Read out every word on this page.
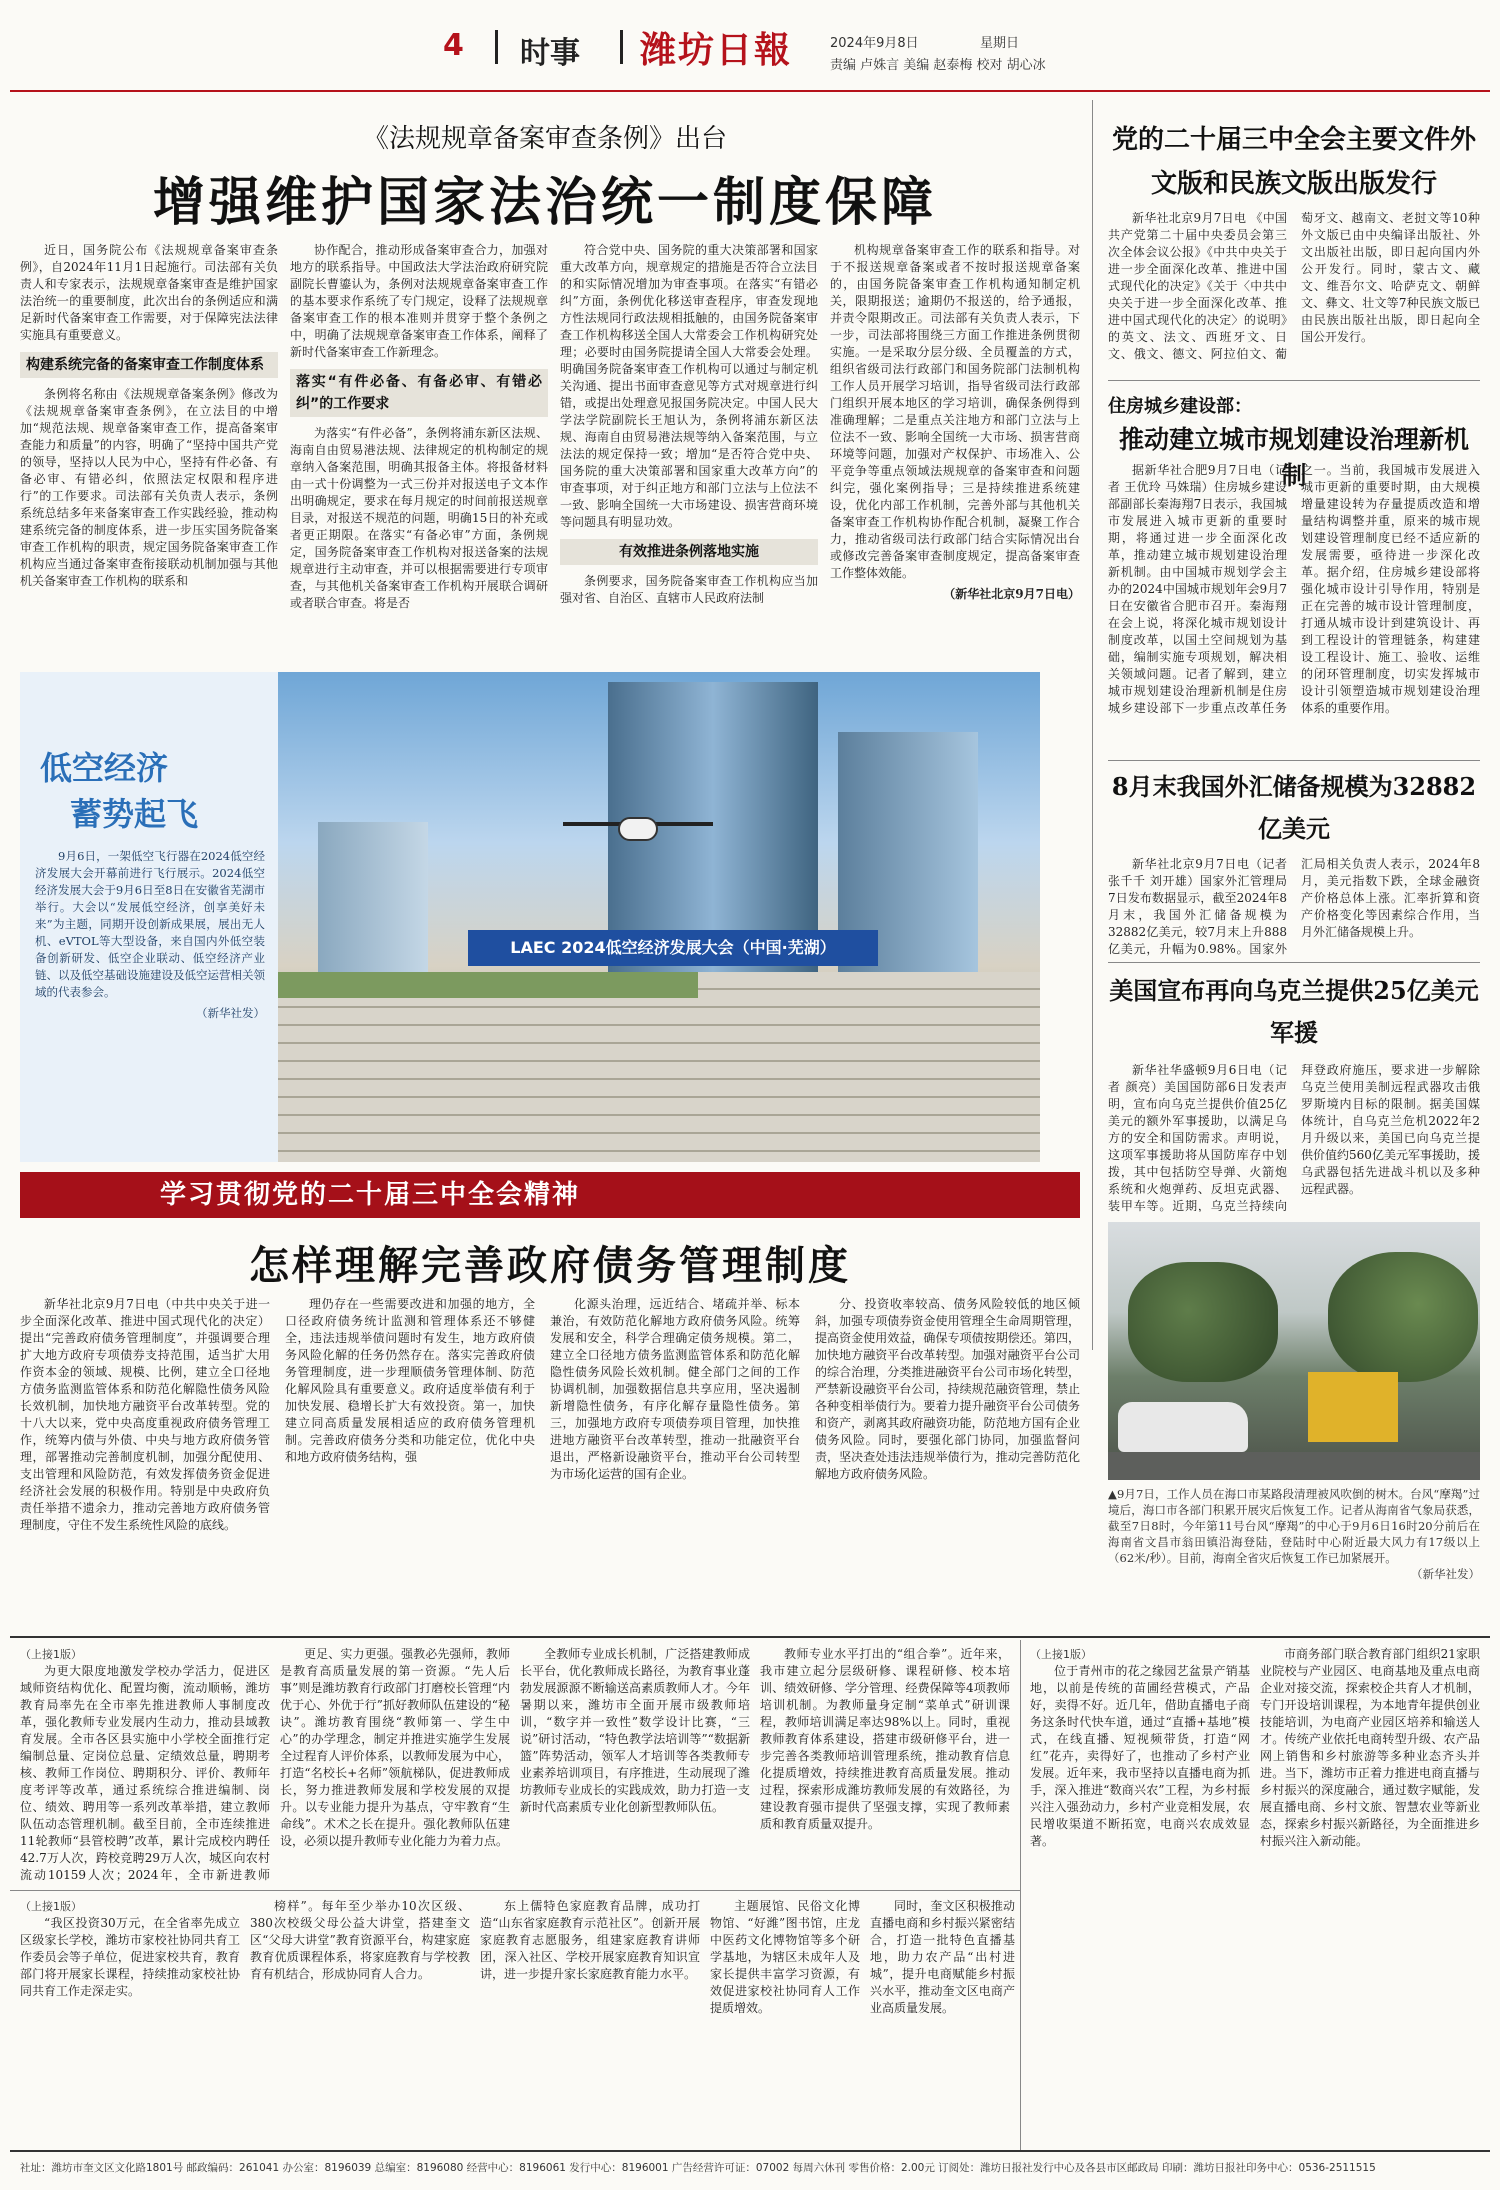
4 时事 潍坊日報	2024年9月8日	星期日
责编 卢姝言 美编 赵泰梅 校对 胡心冰
《法规规章备案审查条例》出台
增强维护国家法治统一制度保障

近日，国务院公布《法规规章备案审查条例》，自2024年11月1日起施行。司法部有关负责人和专家表示，法规规章备案审查是维护国家法治统一的重要制度，此次出台的条例适应和满足新时代备案审查工作需要，对于保障宪法法律实施具有重要意义。

构建系统完备的备案审查工作制度体系

条例将名称由《法规规章备案条例》修改为《法规规章备案审查条例》，在立法目的中增加“规范法规、规章备案审查工作，提高备案审查能力和质量”的内容，明确了“坚持中国共产党的领导，坚持以人民为中心，坚持有件必备、有备必审、有错必纠，依照法定权限和程序进行”的工作要求。司法部有关负责人表示，条例系统总结多年来备案审查工作实践经验，推动构建系统完备的制度体系，进一步压实国务院备案审查工作机构的职责，规定国务院备案审查工作机构应当通过备案审查衔接联动机制加强与其他机关备案审查工作机构的联系和

协作配合，推动形成备案审查合力，加强对地方的联系指导。中国政法大学法治政府研究院副院长曹鎏认为，条例对法规规章备案审查工作的基本要求作系统了专门规定，设释了法规规章备案审查工作的根本准则并贯穿于整个条例之中，明确了法规规章备案审查工作体系，阐释了新时代备案审查工作新理念。

落实“有件必备、有备必审、有错必纠”的工作要求

为落实“有件必备”，条例将浦东新区法规、海南自由贸易港法规、法律规定的机构制定的规章纳入备案范围，明确其报备主体。将报备材料由一式十份调整为一式三份并对报送电子文本作出明确规定，要求在每月规定的时间前报送规章目录，对报送不规范的问题，明确15日的补充或者更正期限。在落实“有备必审”方面，条例规定，国务院备案审查工作机构对报送备案的法规规章进行主动审查，并可以根据需要进行专项审查，与其他机关备案审查工作机构开展联合调研或者联合审查。将是否

符合党中央、国务院的重大决策部署和国家重大改革方向，规章规定的措施是否符合立法目的和实际情况增加为审查事项。在落实“有错必纠”方面，条例优化移送审查程序，审查发现地方性法规同行政法规相抵触的，由国务院备案审查工作机构移送全国人大常委会工作机构研究处理；必要时由国务院提请全国人大常委会处理。明确国务院备案审查工作机构可以通过与制定机关沟通、提出书面审查意见等方式对规章进行纠错，或提出处理意见报国务院决定。中国人民大学法学院副院长王旭认为，条例将浦东新区法规、海南自由贸易港法规等纳入备案范围，与立法法的规定保持一致；增加“是否符合党中央、国务院的重大决策部署和国家重大改革方向”的审查事项，对于纠正地方和部门立法与上位法不一致、影响全国统一大市场建设、损害营商环境等问题具有明显功效。

有效推进条例落地实施

条例要求，国务院备案审查工作机构应当加强对省、自治区、直辖市人民政府法制

机构规章备案审查工作的联系和指导。对于不报送规章备案或者不按时报送规章备案的，由国务院备案审查工作机构通知制定机关，限期报送；逾期仍不报送的，给予通报，并责令限期改正。司法部有关负责人表示，下一步，司法部将围绕三方面工作推进条例贯彻实施。一是采取分层分级、全员覆盖的方式，组织省级司法行政部门和国务院部门法制机构工作人员开展学习培训，指导省级司法行政部门组织开展本地区的学习培训，确保条例得到准确理解；二是重点关注地方和部门立法与上位法不一致、影响全国统一大市场、损害营商环境等问题，加强对产权保护、市场准入、公平竞争等重点领域法规规章的备案审查和问题纠完，强化案例指导；三是持续推进系统建设，优化内部工作机制，完善外部与其他机关备案审查工作机构协作配合机制，凝聚工作合力，推动省级司法行政部门结合实际情况出台或修改完善备案审查制度规定，提高备案审查工作整体效能。

（新华社北京9月7日电）

低空经济
蓄势起飞

9月6日，一架低空飞行器在2024低空经济发展大会开幕前进行飞行展示。2024低空经济发展大会于9月6日至8日在安徽省芜湖市举行。大会以“发展低空经济，创享美好未来”为主题，同期开设创新成果展，展出无人机、eVTOL等大型设备，来自国内外低空装备创新研发、低空企业联动、低空经济产业链、以及低空基础设施建设及低空运营相关领域的代表参会。

（新华社发）

LAEC 2024低空经济发展大会（中国·芜湖）
学习贯彻党的二十届三中全会精神
怎样理解完善政府债务管理制度

新华社北京9月7日电（中共中央关于进一步全面深化改革、推进中国式现代化的决定）提出“完善政府债务管理制度”，并强调要合理扩大地方政府专项债券支持范围，适当扩大用作资本金的领域、规模、比例，建立全口径地方债务监测监管体系和防范化解隐性债务风险长效机制，加快地方融资平台改革转型。党的十八大以来，党中央高度重视政府债务管理工作，统筹内债与外债、中央与地方政府债务管理，部署推动完善制度机制，加强分配使用、支出管理和风险防范，有效发挥债务资金促进经济社会发展的积极作用。特别是中央政府负责任举措不遗余力，推动完善地方政府债务管理制度，守住不发生系统性风险的底线。

理仍存在一些需要改进和加强的地方，全口径政府债务统计监测和管理体系还不够健全，违法违规举债问题时有发生，地方政府债务风险化解的任务仍然存在。落实完善政府债务管理制度，进一步理顺债务管理体制、防范化解风险具有重要意义。政府适度举债有利于加快发展、稳增长扩大有效投资。第一，加快建立同高质量发展相适应的政府债务管理机制。完善政府债务分类和功能定位，优化中央和地方政府债务结构，强

化源头治理，远近结合、堵疏并举、标本兼治，有效防范化解地方政府债务风险。统筹发展和安全，科学合理确定债务规模。第二，建立全口径地方债务监测监管体系和防范化解隐性债务风险长效机制。健全部门之间的工作协调机制，加强数据信息共享应用，坚决遏制新增隐性债务，有序化解存量隐性债务。第三，加强地方政府专项债券项目管理，加快推进地方融资平台改革转型，推动一批融资平台退出，严格新设融资平台，推动平台公司转型为市场化运营的国有企业。

分、投资收率较高、债务风险较低的地区倾斜，加强专项债券资金使用管理全生命周期管理，提高资金使用效益，确保专项债按期偿还。第四，加快地方融资平台改革转型。加强对融资平台公司的综合治理，分类推进融资平台公司市场化转型，严禁新设融资平台公司，持续规范融资管理，禁止各种变相举债行为。要着力提升融资平台公司债务和资产，剥离其政府融资功能，防范地方国有企业债务风险。同时，要强化部门协同，加强监督问责，坚决查处违法违规举债行为，推动完善防范化解地方政府债务风险。

党的二十届三中全会主要文件外文版和民族文版出版发行

新华社北京9月7日电 《中国共产党第二十届中央委员会第三次全体会议公报》《中共中央关于进一步全面深化改革、推进中国式现代化的决定》《关于〈中共中央关于进一步全面深化改革、推进中国式现代化的决定〉的说明》的英文、法文、西班牙文、日文、俄文、德文、阿拉伯文、葡萄牙文、越南文、老挝文等10种外文版已由中央编译出版社、外文出版社出版，即日起向国内外公开发行。同时，蒙古文、藏文、维吾尔文、哈萨克文、朝鲜文、彝文、壮文等7种民族文版已由民族出版社出版，即日起向全国公开发行。

住房城乡建设部：
推动建立城市规划建设治理新机制

据新华社合肥9月7日电（记者 王优玲 马姝瑞）住房城乡建设部副部长秦海翔7日表示，我国城市发展进入城市更新的重要时期，将通过进一步全面深化改革，推动建立城市规划建设治理新机制。由中国城市规划学会主办的2024中国城市规划年会9月7日在安徽省合肥市召开。秦海翔在会上说，将深化城市规划设计制度改革，以国土空间规划为基础，编制实施专项规划，解决相关领域问题。记者了解到，建立城市规划建设治理新机制是住房城乡建设部下一步重点改革任务之一。当前，我国城市发展进入城市更新的重要时期，由大规模增量建设转为存量提质改造和增量结构调整并重，原来的城市规划建设管理制度已经不适应新的发展需要，亟待进一步深化改革。据介绍，住房城乡建设部将强化城市设计引导作用，特别是正在完善的城市设计管理制度，打通从城市设计到建筑设计、再到工程设计的管理链条，构建建设工程设计、施工、验收、运维的闭环管理制度，切实发挥城市设计引领塑造城市规划建设治理体系的重要作用。

8月末我国外汇储备规模为32882亿美元

新华社北京9月7日电（记者 张千千 刘开雄）国家外汇管理局7日发布数据显示，截至2024年8月末，我国外汇储备规模为32882亿美元，较7月末上升888亿美元，升幅为0.98%。国家外汇局相关负责人表示，2024年8月，美元指数下跌，全球金融资产价格总体上涨。汇率折算和资产价格变化等因素综合作用，当月外汇储备规模上升。

美国宣布再向乌克兰提供25亿美元军援

新华社华盛顿9月6日电（记者 颜亮）美国国防部6日发表声明，宣布向乌克兰提供价值25亿美元的额外军事援助，以满足乌方的安全和国防需求。声明说，这项军事援助将从国防库存中划拨，其中包括防空导弹、火箭炮系统和火炮弹药、反坦克武器、装甲车等。近期，乌克兰持续向拜登政府施压，要求进一步解除乌克兰使用美制远程武器攻击俄罗斯境内目标的限制。据美国媒体统计，自乌克兰危机2022年2月升级以来，美国已向乌克兰提供价值约560亿美元军事援助，援乌武器包括先进战斗机以及多种远程武器。

▲9月7日，工作人员在海口市某路段清理被风吹倒的树木。台风“摩羯”过境后，海口市各部门积累开展灾后恢复工作。记者从海南省气象局获悉，截至7日8时，今年第11号台风“摩羯”的中心于9月6日16时20分前后在海南省文昌市翁田镇沿海登陆，登陆时中心附近最大风力有17级以上（62米/秒）。目前，海南全省灾后恢复工作已加紧展开。

（新华社发）

（上接1版）

为更大限度地激发学校办学活力，促进区域师资结构优化、配置均衡，流动顺畅，潍坊教育局率先在全市率先推进教师人事制度改革，强化教师专业发展内生动力，推动县域教育发展。全市各区县实施中小学校全面推行定编制总量、定岗位总量、定绩效总量，聘期考核、教师工作岗位、聘期积分、评价、教师年度考评等改革，通过系统综合推进编制、岗位、绩效、聘用等一系列改革举措，建立教师队伍动态管理机制。截至目前，全市连续推进11轮教师“县管校聘”改革，累计完成校内聘任42.7万人次，跨校竞聘29万人次，城区向农村流动10159人次；2024年，全市新进教师

更足、实力更强。强教必先强师，教师是教育高质量发展的第一资源。“先人后事”则是潍坊教育行政部门打磨校长管理“内优于心、外优于行”抓好教师队伍建设的“秘诀”。潍坊教育围绕“教师第一、学生中心”的办学理念，制定并推进实施学生发展全过程育人评价体系，以教师发展为中心，打造“名校长+名师”领航梯队，促进教师成长，努力推进教师发展和学校发展的双提升。以专业能力提升为基点，守牢教育“生命线”。术术之长在提升。强化教师队伍建设，必须以提升教师专业化能力为着力点。

全教师专业成长机制，广泛搭建教师成长平台，优化教师成长路径，为教育事业蓬勃发展源源不断输送高素质教师人才。今年暑期以来，潍坊市全面开展市级教师培训，“数字并一致性”数学设计比赛，“三说”研讨活动，“特色教学法培训等”“数据新篮”阵势活动，领军人才培训等各类教师专业素养培训项目，有序推进，生动展现了潍坊教师专业成长的实践成效，助力打造一支新时代高素质专业化创新型教师队伍。

教师专业水平打出的“组合拳”。近年来，我市建立起分层级研修、课程研修、校本培训、绩效研修、学分管理、经费保障等4项教师培训机制。为教师量身定制“菜单式”研训课程，教师培训满足率达98%以上。同时，重视教师教育体系建设，搭建市级研修平台，进一步完善各类教师培训管理系统，推动教育信息化提质增效，持续推进教育高质量发展。推动过程，探索形成潍坊教师发展的有效路径，为建设教育强市提供了坚强支撑，实现了教师素质和教育质量双提升。

（上接1版）

位于青州市的花之缘园艺盆景产销基地，以前是传统的苗圃经营模式，产品好，卖得不好。近几年，借助直播电子商务这条时代快车道，通过“直播+基地”模式，在线直播、短视频带货，打造“网红”花卉，卖得好了，也推动了乡村产业发展。近年来，我市坚持以直播电商为抓手，深入推进“数商兴农”工程，为乡村振兴注入强劲动力，乡村产业竞相发展，农民增收渠道不断拓宽，电商兴农成效显著。

市商务部门联合教育部门组织21家职业院校与产业园区、电商基地及重点电商企业对接交流，探索校企共育人才机制，专门开设培训课程，为本地青年提供创业技能培训，为电商产业园区培养和输送人才。传统产业依托电商转型升级、农产品网上销售和乡村旅游等多种业态齐头并进。当下，潍坊市正着力推进电商直播与乡村振兴的深度融合，通过数字赋能，发展直播电商、乡村文旅、智慧农业等新业态，探索乡村振兴新路径，为全面推进乡村振兴注入新动能。

（上接1版）

“我区投资30万元，在全省率先成立区级家长学校，潍坊市家校社协同共育工作委员会等子单位，促进家校共育，教育部门将开展家长课程，持续推动家校社协同共育工作走深走实。

榜样”。每年至少举办10次区级、380次校级父母公益大讲堂，搭建奎文区“父母大讲堂”教育资源平台，构建家庭教育优质课程体系，将家庭教育与学校教育有机结合，形成协同育人合力。

东上儒特色家庭教育品牌，成功打造“山东省家庭教育示范社区”。创新开展家庭教育志愿服务，组建家庭教育讲师团，深入社区、学校开展家庭教育知识宣讲，进一步提升家长家庭教育能力水平。

主题展馆、民俗文化博物馆、“好潍”图书馆，庄龙中医药文化博物馆等多个研学基地，为辖区未成年人及家长提供丰富学习资源，有效促进家校社协同育人工作提质增效。

同时，奎文区积极推动直播电商和乡村振兴紧密结合，打造一批特色直播基地，助力农产品“出村进城”，提升电商赋能乡村振兴水平，推动奎文区电商产业高质量发展。

社址：潍坊市奎文区文化路1801号 邮政编码：261041 办公室：8196039 总编室：8196080 经营中心：8196061 发行中心：8196001 广告经营许可证：07002 每周六休刊 零售价格：2.00元 订阅处：潍坊日报社发行中心及各县市区邮政局 印刷：潍坊日报社印务中心：0536-2511515
